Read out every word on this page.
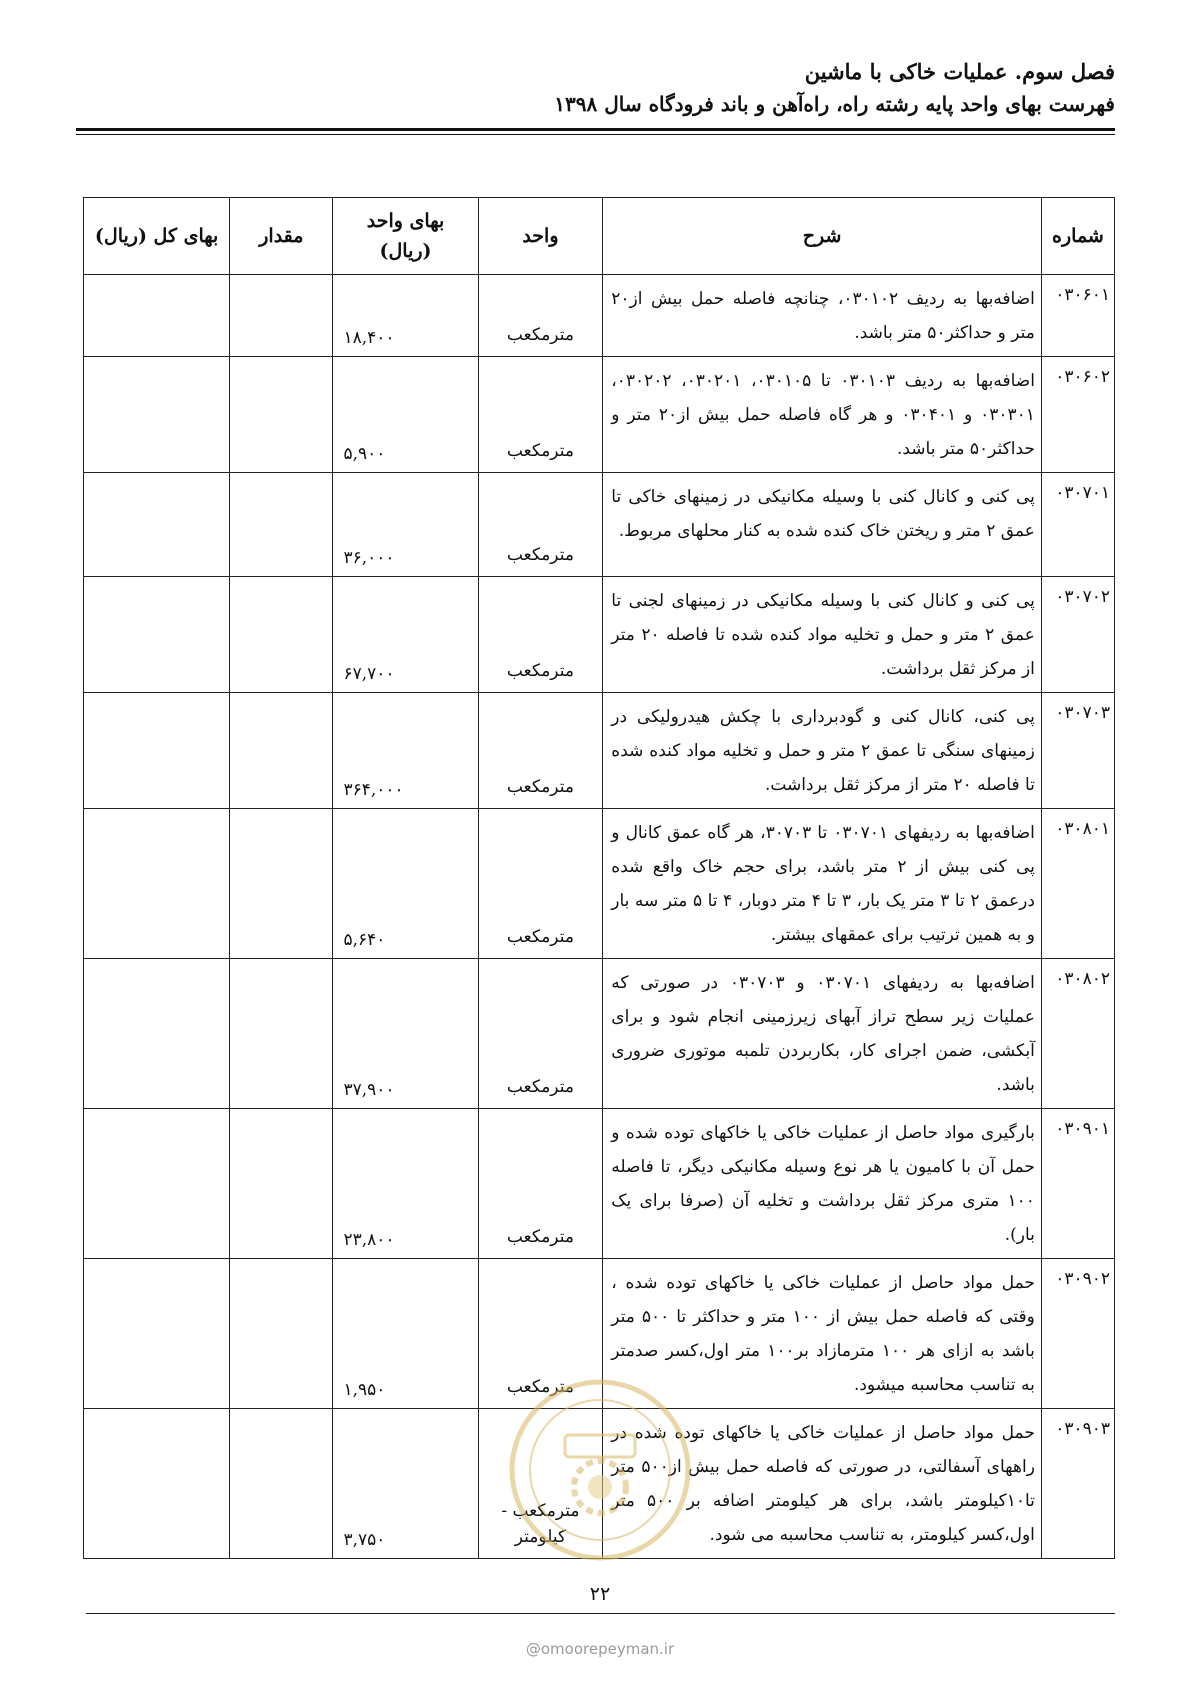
فصل سوم. عملیات خاکی با ماشین
فهرست بهای واحد پایه رشته راه، راه‌آهن و باند فرودگاه سال ۱۳۹۸
شماره	شرح	واحد	بهای واحد (ریال)	مقدار	بهای کل (ریال)
۰۳۰۶۰۱	اضافه‌بها به ردیف ۰۳۰۱۰۲، چنانچه فاصله حمل بیش از۲۰ متر و حداکثر۵۰ متر باشد.	مترمکعب	۱۸,۴۰۰		
۰۳۰۶۰۲	اضافه‌بها به ردیف ۰۳۰۱۰۳ تا ۰۳۰۱۰۵، ۰۳۰۲۰۱، ۰۳۰۲۰۲، ۰۳۰۳۰۱ و ۰۳۰۴۰۱ و هر گاه فاصله حمل بیش از۲۰ متر و حداکثر۵۰ متر باشد.	مترمکعب	۵,۹۰۰		
۰۳۰۷۰۱	پی کنی و کانال کنی با وسیله مکانیکی در زمینهای خاکی تا عمق ۲ متر و ریختن خاک کنده شده به کنار محلهای مربوط.	مترمکعب	۳۶,۰۰۰		
۰۳۰۷۰۲	پی کنی و کانال کنی با وسیله مکانیکی در زمینهای لجنی تا عمق ۲ متر و حمل و تخلیه مواد کنده شده تا فاصله ۲۰ متر از مرکز ثقل برداشت.	مترمکعب	۶۷,۷۰۰		
۰۳۰۷۰۳	پی کنی، کانال کنی و گودبرداری با چکش هیدرولیکی در زمینهای سنگی تا عمق ۲ متر و حمل و تخلیه مواد کنده شده تا فاصله ۲۰ متر از مرکز ثقل برداشت.	مترمکعب	۳۶۴,۰۰۰		
۰۳۰۸۰۱	اضافه‌بها به ردیفهای ۰۳۰۷۰۱ تا ۳۰۷۰۳، هر گاه عمق کانال و پی کنی بیش از ۲ متر باشد، برای حجم خاک واقع شده درعمق ۲ تا ۳ متر یک بار، ۳ تا ۴ متر دوبار، ۴ تا ۵ متر سه بار و به همین ترتیب برای عمقهای بیشتر.	مترمکعب	۵,۶۴۰		
۰۳۰۸۰۲	اضافه‌بها به ردیفهای ۰۳۰۷۰۱ و ۰۳۰۷۰۳ در صورتی که عملیات زیر سطح تراز آبهای زیرزمینی انجام شود و برای آبکشی، ضمن اجرای کار، بکاربردن تلمبه موتوری ضروری باشد.	مترمکعب	۳۷,۹۰۰		
۰۳۰۹۰۱	بارگیری مواد حاصل از عملیات خاکی یا خاکهای توده شده و حمل آن با کامیون یا هر نوع وسیله مکانیکی دیگر، تا فاصله ۱۰۰ متری مرکز ثقل برداشت و تخلیه آن (صرفا برای یک بار).	مترمکعب	۲۳,۸۰۰		
۰۳۰۹۰۲	حمل مواد حاصل از عملیات خاکی یا خاکهای توده شده ، وقتی که فاصله حمل بیش از ۱۰۰ متر و حداکثر تا ۵۰۰ متر باشد به ازای هر ۱۰۰ مترمازاد بر۱۰۰ متر اول،کسر صدمتر به تناسب محاسبه میشود.	مترمکعب	۱,۹۵۰		
۰۳۰۹۰۳	حمل مواد حاصل از عملیات خاکی یا خاکهای توده شده در راههای آسفالتی، در صورتی که فاصله حمل بیش از۵۰۰ متر تا۱۰کیلومتر باشد، برای هر کیلومتر اضافه بر ۵۰۰ متر اول،کسر کیلومتر، به تناسب محاسبه می شود.	مترمکعب - کیلومتر	۳,۷۵۰		
۲۲
@omoorepeyman.ir
